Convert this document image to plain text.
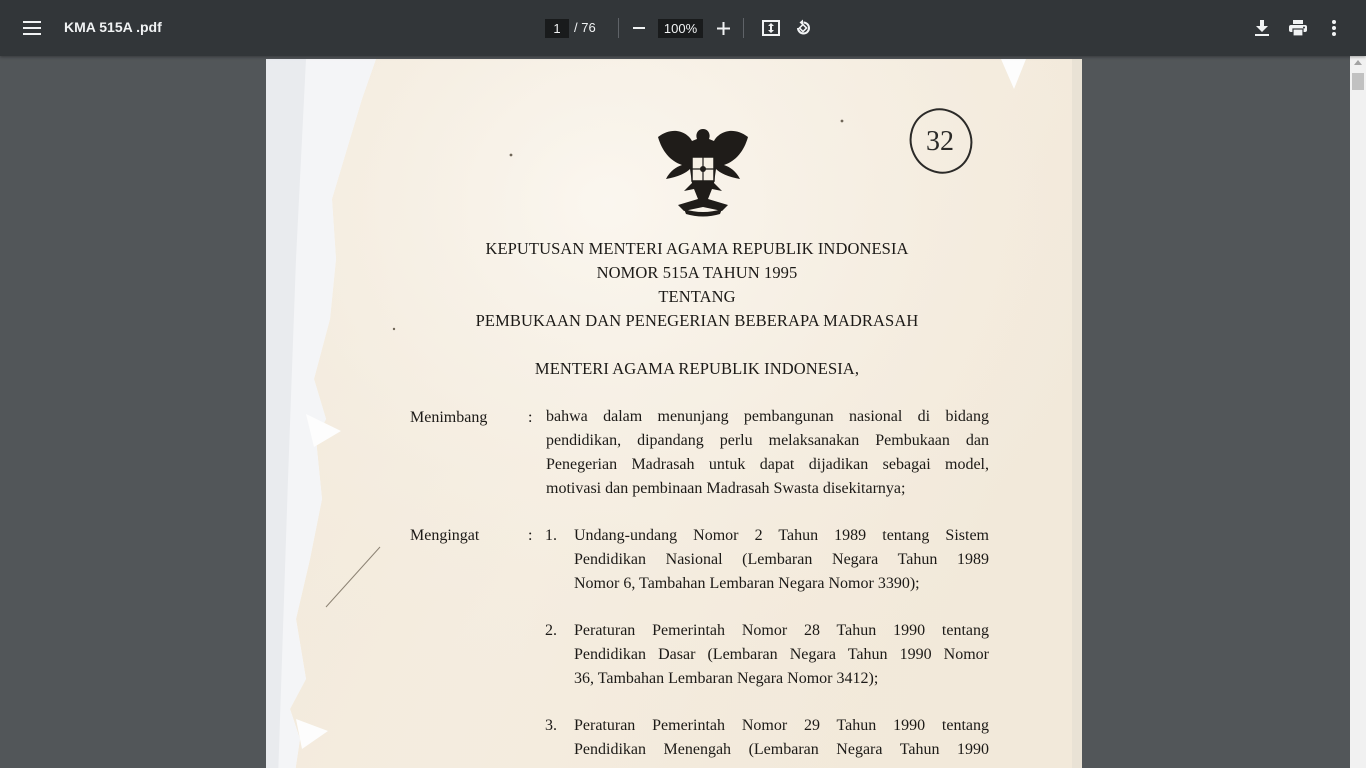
KMA 515A .pdf
1	/ 76
100%
32
KEPUTUSAN MENTERI AGAMA REPUBLIK INDONESIA
NOMOR 515A TAHUN 1995
TENTANG
PEMBUKAAN DAN PENEGERIAN BEBERAPA MADRASAH
MENTERI AGAMA REPUBLIK INDONESIA,
Menimbang	: bahwa dalam menunjang pembangunan nasional di bidang
pendidikan, dipandang perlu melaksanakan Pembukaan dan
Penegerian Madrasah untuk dapat dijadikan sebagai model,
motivasi dan pembinaan Madrasah Swasta disekitarnya;
Mengingat	: 1. Undang-undang Nomor 2 Tahun 1989 tentang Sistem
Pendidikan Nasional (Lembaran Negara Tahun 1989
Nomor 6, Tambahan Lembaran Negara Nomor 3390);
2. Peraturan Pemerintah Nomor 28 Tahun 1990 tentang
Pendidikan Dasar (Lembaran Negara Tahun 1990 Nomor
36, Tambahan Lembaran Negara Nomor 3412);
3. Peraturan Pemerintah Nomor 29 Tahun 1990 tentang
Pendidikan Menengah (Lembaran Negara Tahun 1990
